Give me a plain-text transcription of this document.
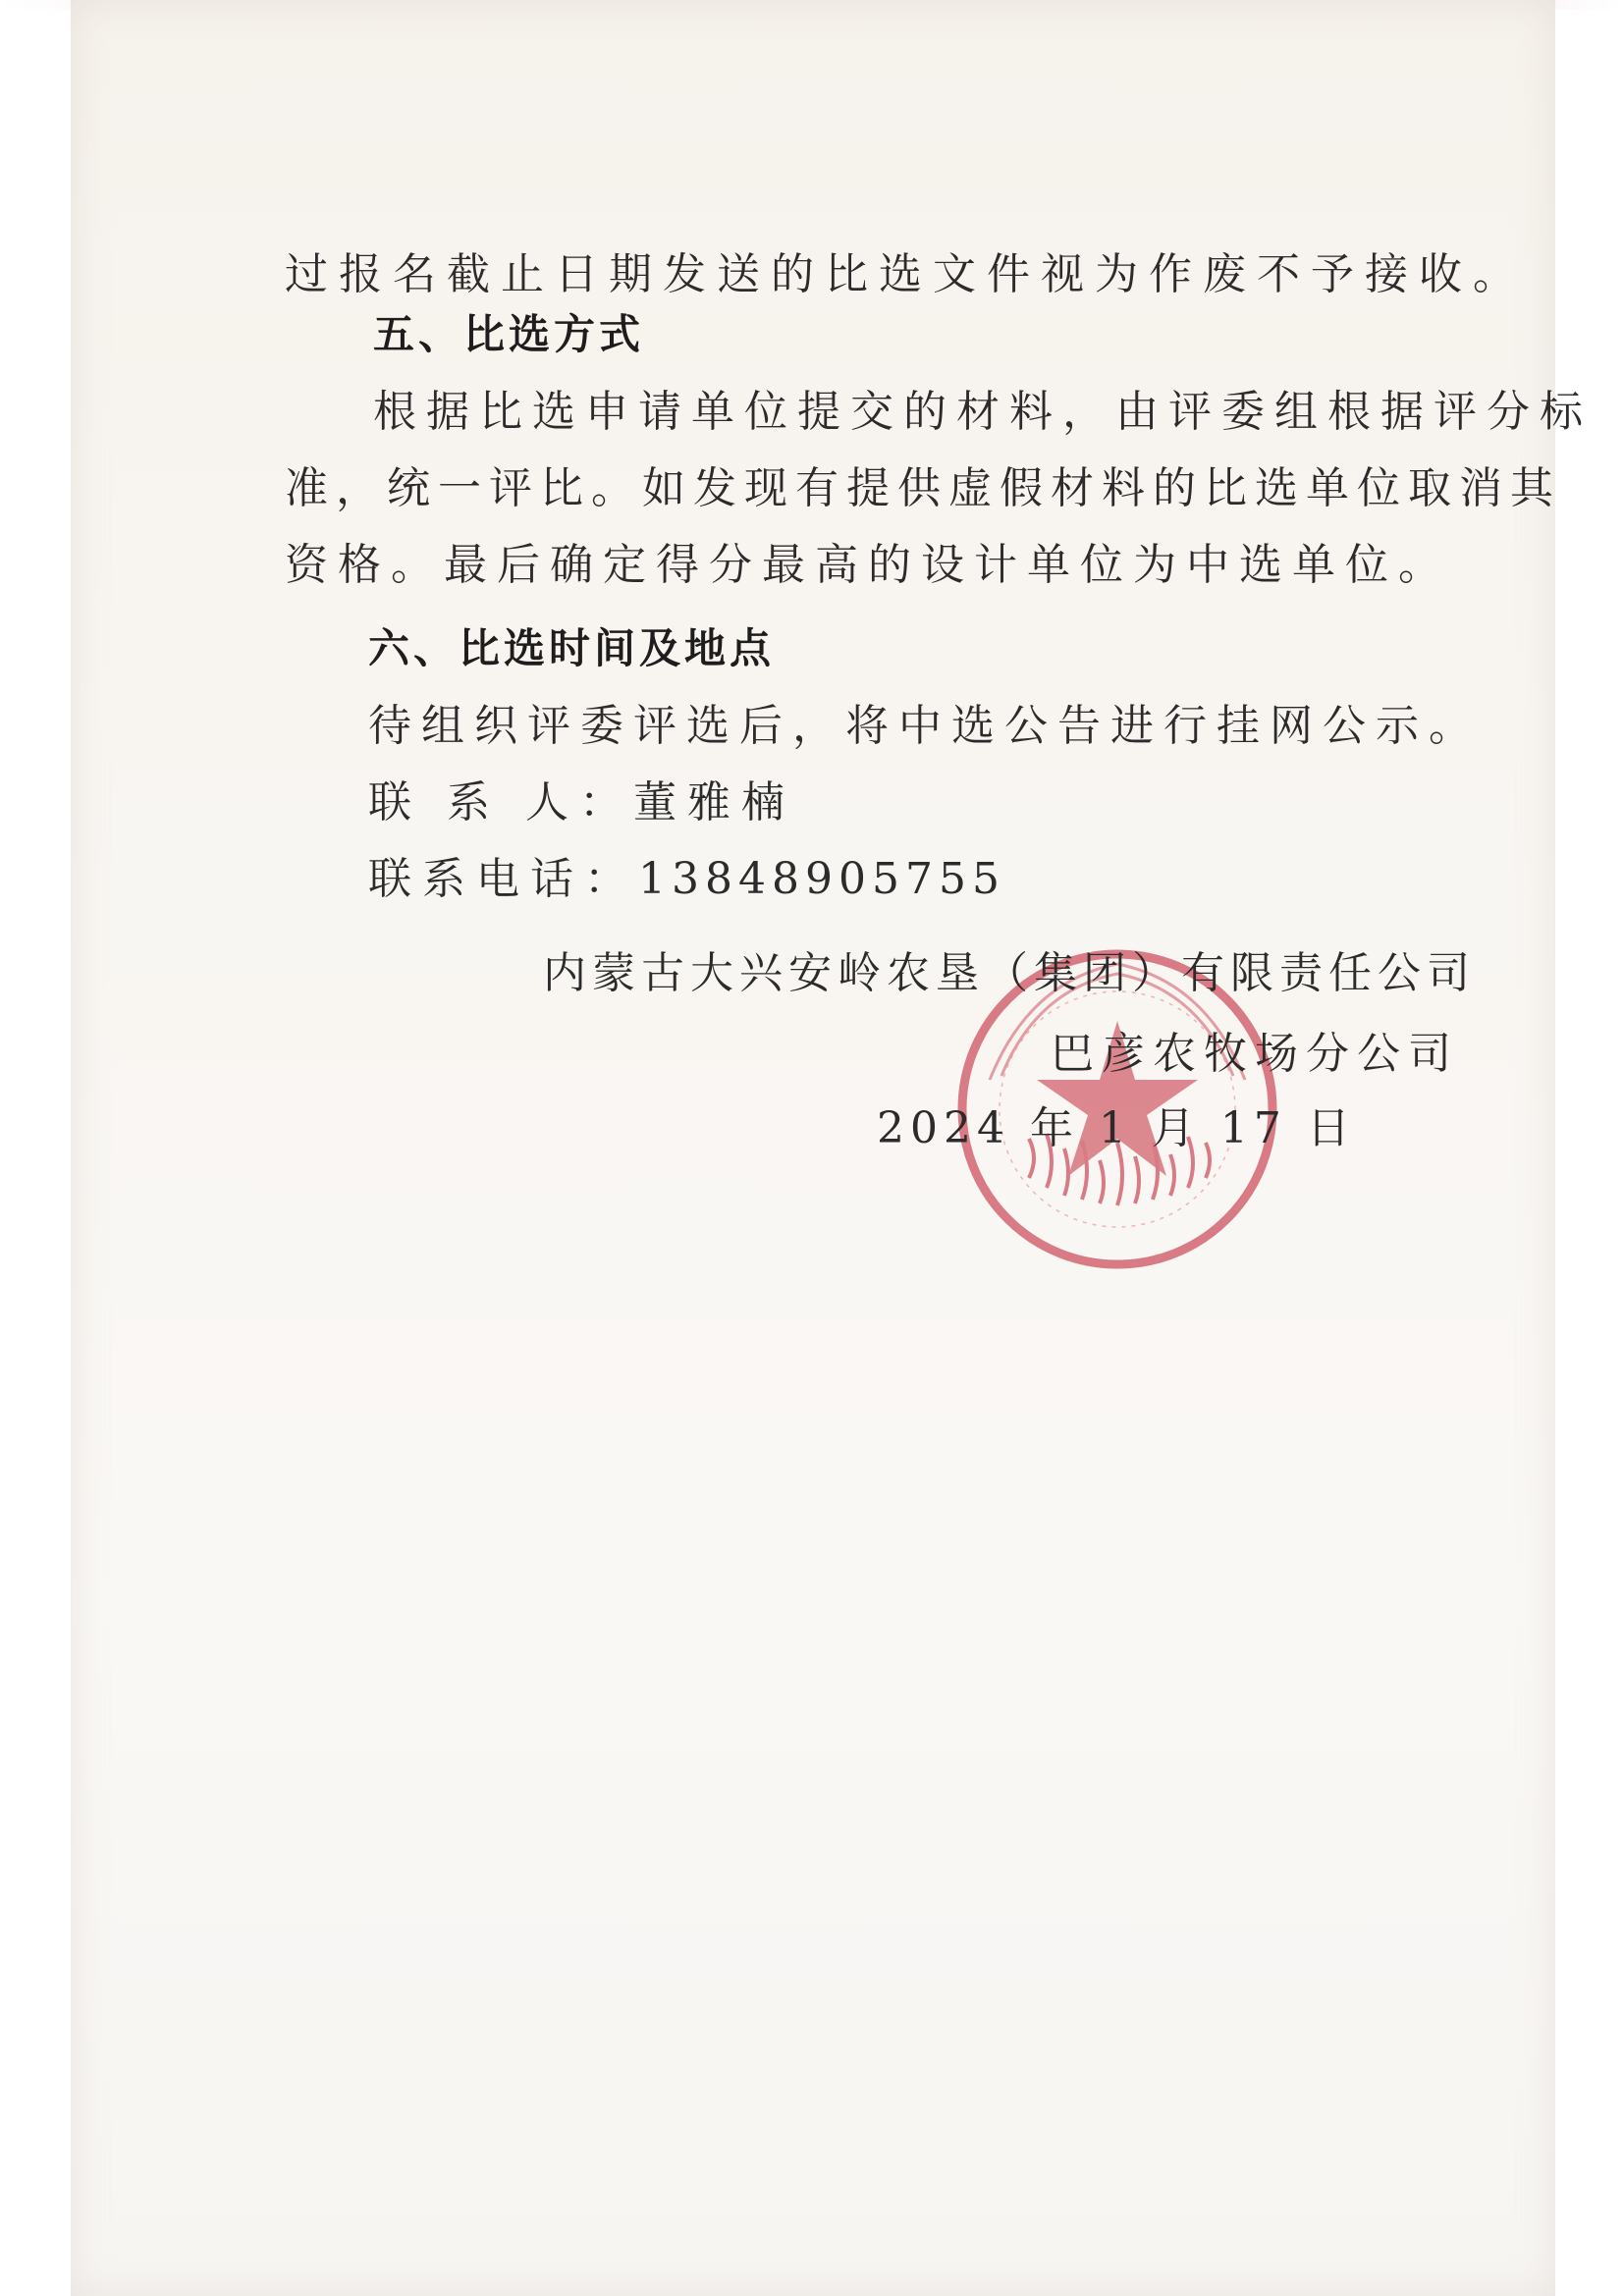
过报名截止日期发送的比选文件视为作废不予接收。

五、比选方式

根据比选申请单位提交的材料，由评委组根据评分标

准，统一评比。如发现有提供虚假材料的比选单位取消其

资格。最后确定得分最高的设计单位为中选单位。

六、比选时间及地点

待组织评委评选后，将中选公告进行挂网公示。

联 系 人：董雅楠

联系电话：13848905755

内蒙古大兴安岭农垦（集团）有限责任公司

巴彦农牧场分公司

2024 年 1 月 17 日
